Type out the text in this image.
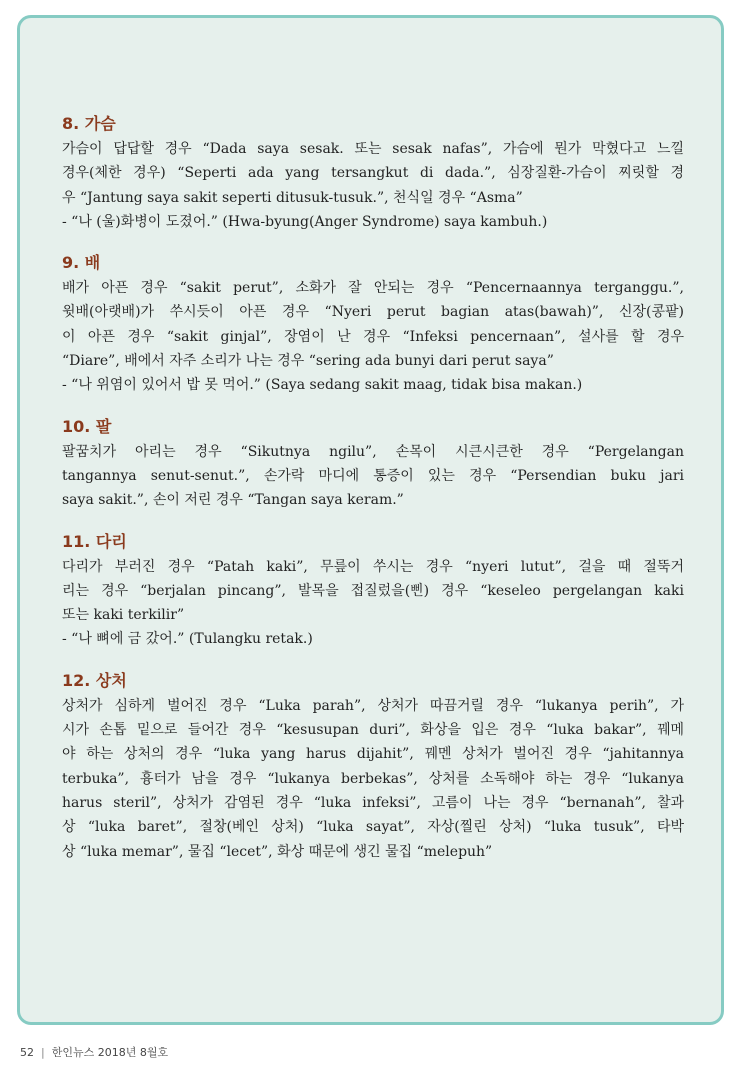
8. 가슴
가슴이 답답할 경우 “Dada saya sesak. 또는 sesak nafas”, 가슴에 뭔가 막혔다고 느낄
경우(체한 경우) “Seperti ada yang tersangkut di dada.”, 심장질환-가슴이 찌릿할 경
우 “Jantung saya sakit seperti ditusuk-tusuk.”, 천식일 경우 “Asma”
- “나 (울)화병이 도졌어.” (Hwa-byung(Anger Syndrome) saya kambuh.)
9. 배
배가 아픈 경우 “sakit perut”, 소화가 잘 안되는 경우 “Pencernaannya terganggu.”,
윗배(아랫배)가 쑤시듯이 아픈 경우 “Nyeri perut bagian atas(bawah)”, 신장(콩팥)
이 아픈 경우 “sakit ginjal”, 장염이 난 경우 “Infeksi pencernaan”, 설사를 할 경우
“Diare”, 배에서 자주 소리가 나는 경우 “sering ada bunyi dari perut saya”
- “나 위염이 있어서 밥 못 먹어.” (Saya sedang sakit maag, tidak bisa makan.)
10. 팔
팔꿈치가 아리는 경우 “Sikutnya ngilu”, 손목이 시큰시큰한 경우 “Pergelangan
tangannya senut-senut.”, 손가락 마디에 통증이 있는 경우 “Persendian buku jari
saya sakit.”, 손이 저린 경우 “Tangan saya keram.”
11. 다리
다리가 부러진 경우 “Patah kaki”, 무릎이 쑤시는 경우 “nyeri lutut”, 걸을 때 절뚝거
리는 경우 “berjalan pincang”, 발목을 접질렀을(삔) 경우 “keseleo pergelangan kaki
또는 kaki terkilir”
- “나 뼈에 금 갔어.” (Tulangku retak.)
12. 상처
상처가 심하게 벌어진 경우 “Luka parah”, 상처가 따끔거릴 경우 “lukanya perih”, 가
시가 손톱 밑으로 들어간 경우 “kesusupan duri”, 화상을 입은 경우 “luka bakar”, 꿰메
야 하는 상처의 경우 “luka yang harus dijahit”, 꿰멘 상처가 벌어진 경우 “jahitannya
terbuka”, 흉터가 남을 경우 “lukanya berbekas”, 상처를 소독해야 하는 경우 “lukanya
harus steril”, 상처가 감염된 경우 “luka infeksi”, 고름이 나는 경우 “bernanah”, 찰과
상 “luka baret”, 절창(베인 상처) “luka sayat”, 자상(찔린 상처) “luka tusuk”, 타박
상 “luka memar”, 물집 “lecet”, 화상 때문에 생긴 물집 “melepuh”
52 | 한인뉴스 2018년 8월호
